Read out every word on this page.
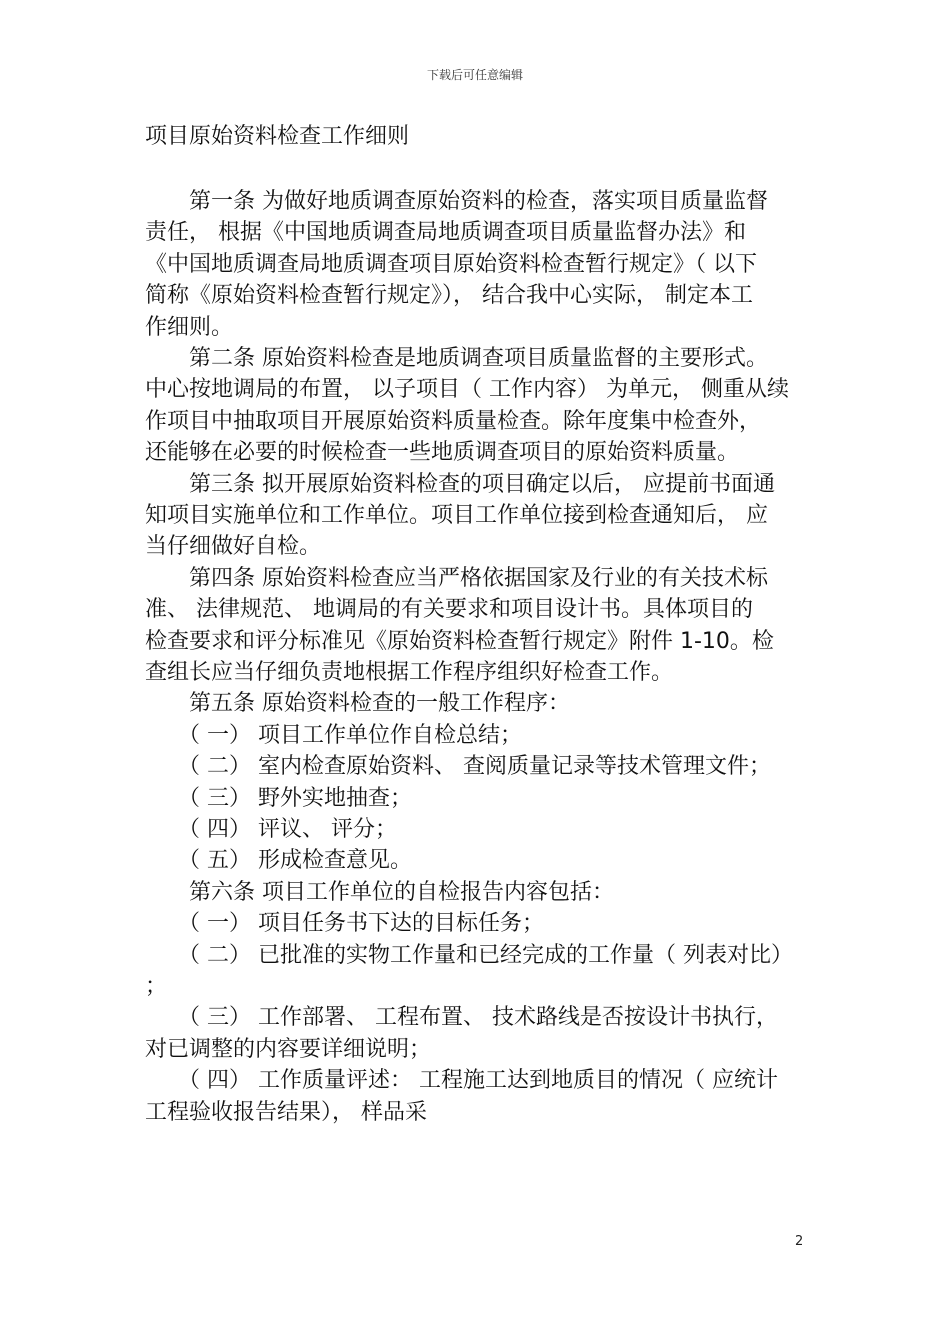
下载后可任意编辑
项目原始资料检查工作细则
　　第一条 为做好地质调查原始资料的检查，落实项目质量监督
责任， 根据《中国地质调查局地质调查项目质量监督办法》和
《中国地质调查局地质调查项目原始资料检查暂行规定》（ 以下
简称《原始资料检查暂行规定》）， 结合我中心实际， 制定本工
作细则。
　　第二条 原始资料检查是地质调查项目质量监督的主要形式。
中心按地调局的布置， 以子项目（ 工作内容） 为单元， 侧重从续
作项目中抽取项目开展原始资料质量检查。除年度集中检查外，
还能够在必要的时候检查一些地质调查项目的原始资料质量。
　　第三条 拟开展原始资料检查的项目确定以后， 应提前书面通
知项目实施单位和工作单位。项目工作单位接到检查通知后， 应
当仔细做好自检。
　　第四条 原始资料检查应当严格依据国家及行业的有关技术标
准、 法律规范、 地调局的有关要求和项目设计书。具体项目的
检查要求和评分标准见《原始资料检查暂行规定》附件 1-10。检
查组长应当仔细负责地根据工作程序组织好检查工作。
　　第五条 原始资料检查的一般工作程序：
　　（ 一） 项目工作单位作自检总结；
　　（ 二） 室内检查原始资料、 查阅质量记录等技术管理文件；
　　（ 三） 野外实地抽查；
　　（ 四） 评议、 评分；
　　（ 五） 形成检查意见。
　　第六条 项目工作单位的自检报告内容包括：
　　（ 一） 项目任务书下达的目标任务；
　　（ 二） 已批准的实物工作量和已经完成的工作量（ 列表对比）
；
　　（ 三） 工作部署、 工程布置、 技术路线是否按设计书执行，
对已调整的内容要详细说明；
　　（ 四） 工作质量评述： 工程施工达到地质目的情况（ 应统计
工程验收报告结果）， 样品采
2
